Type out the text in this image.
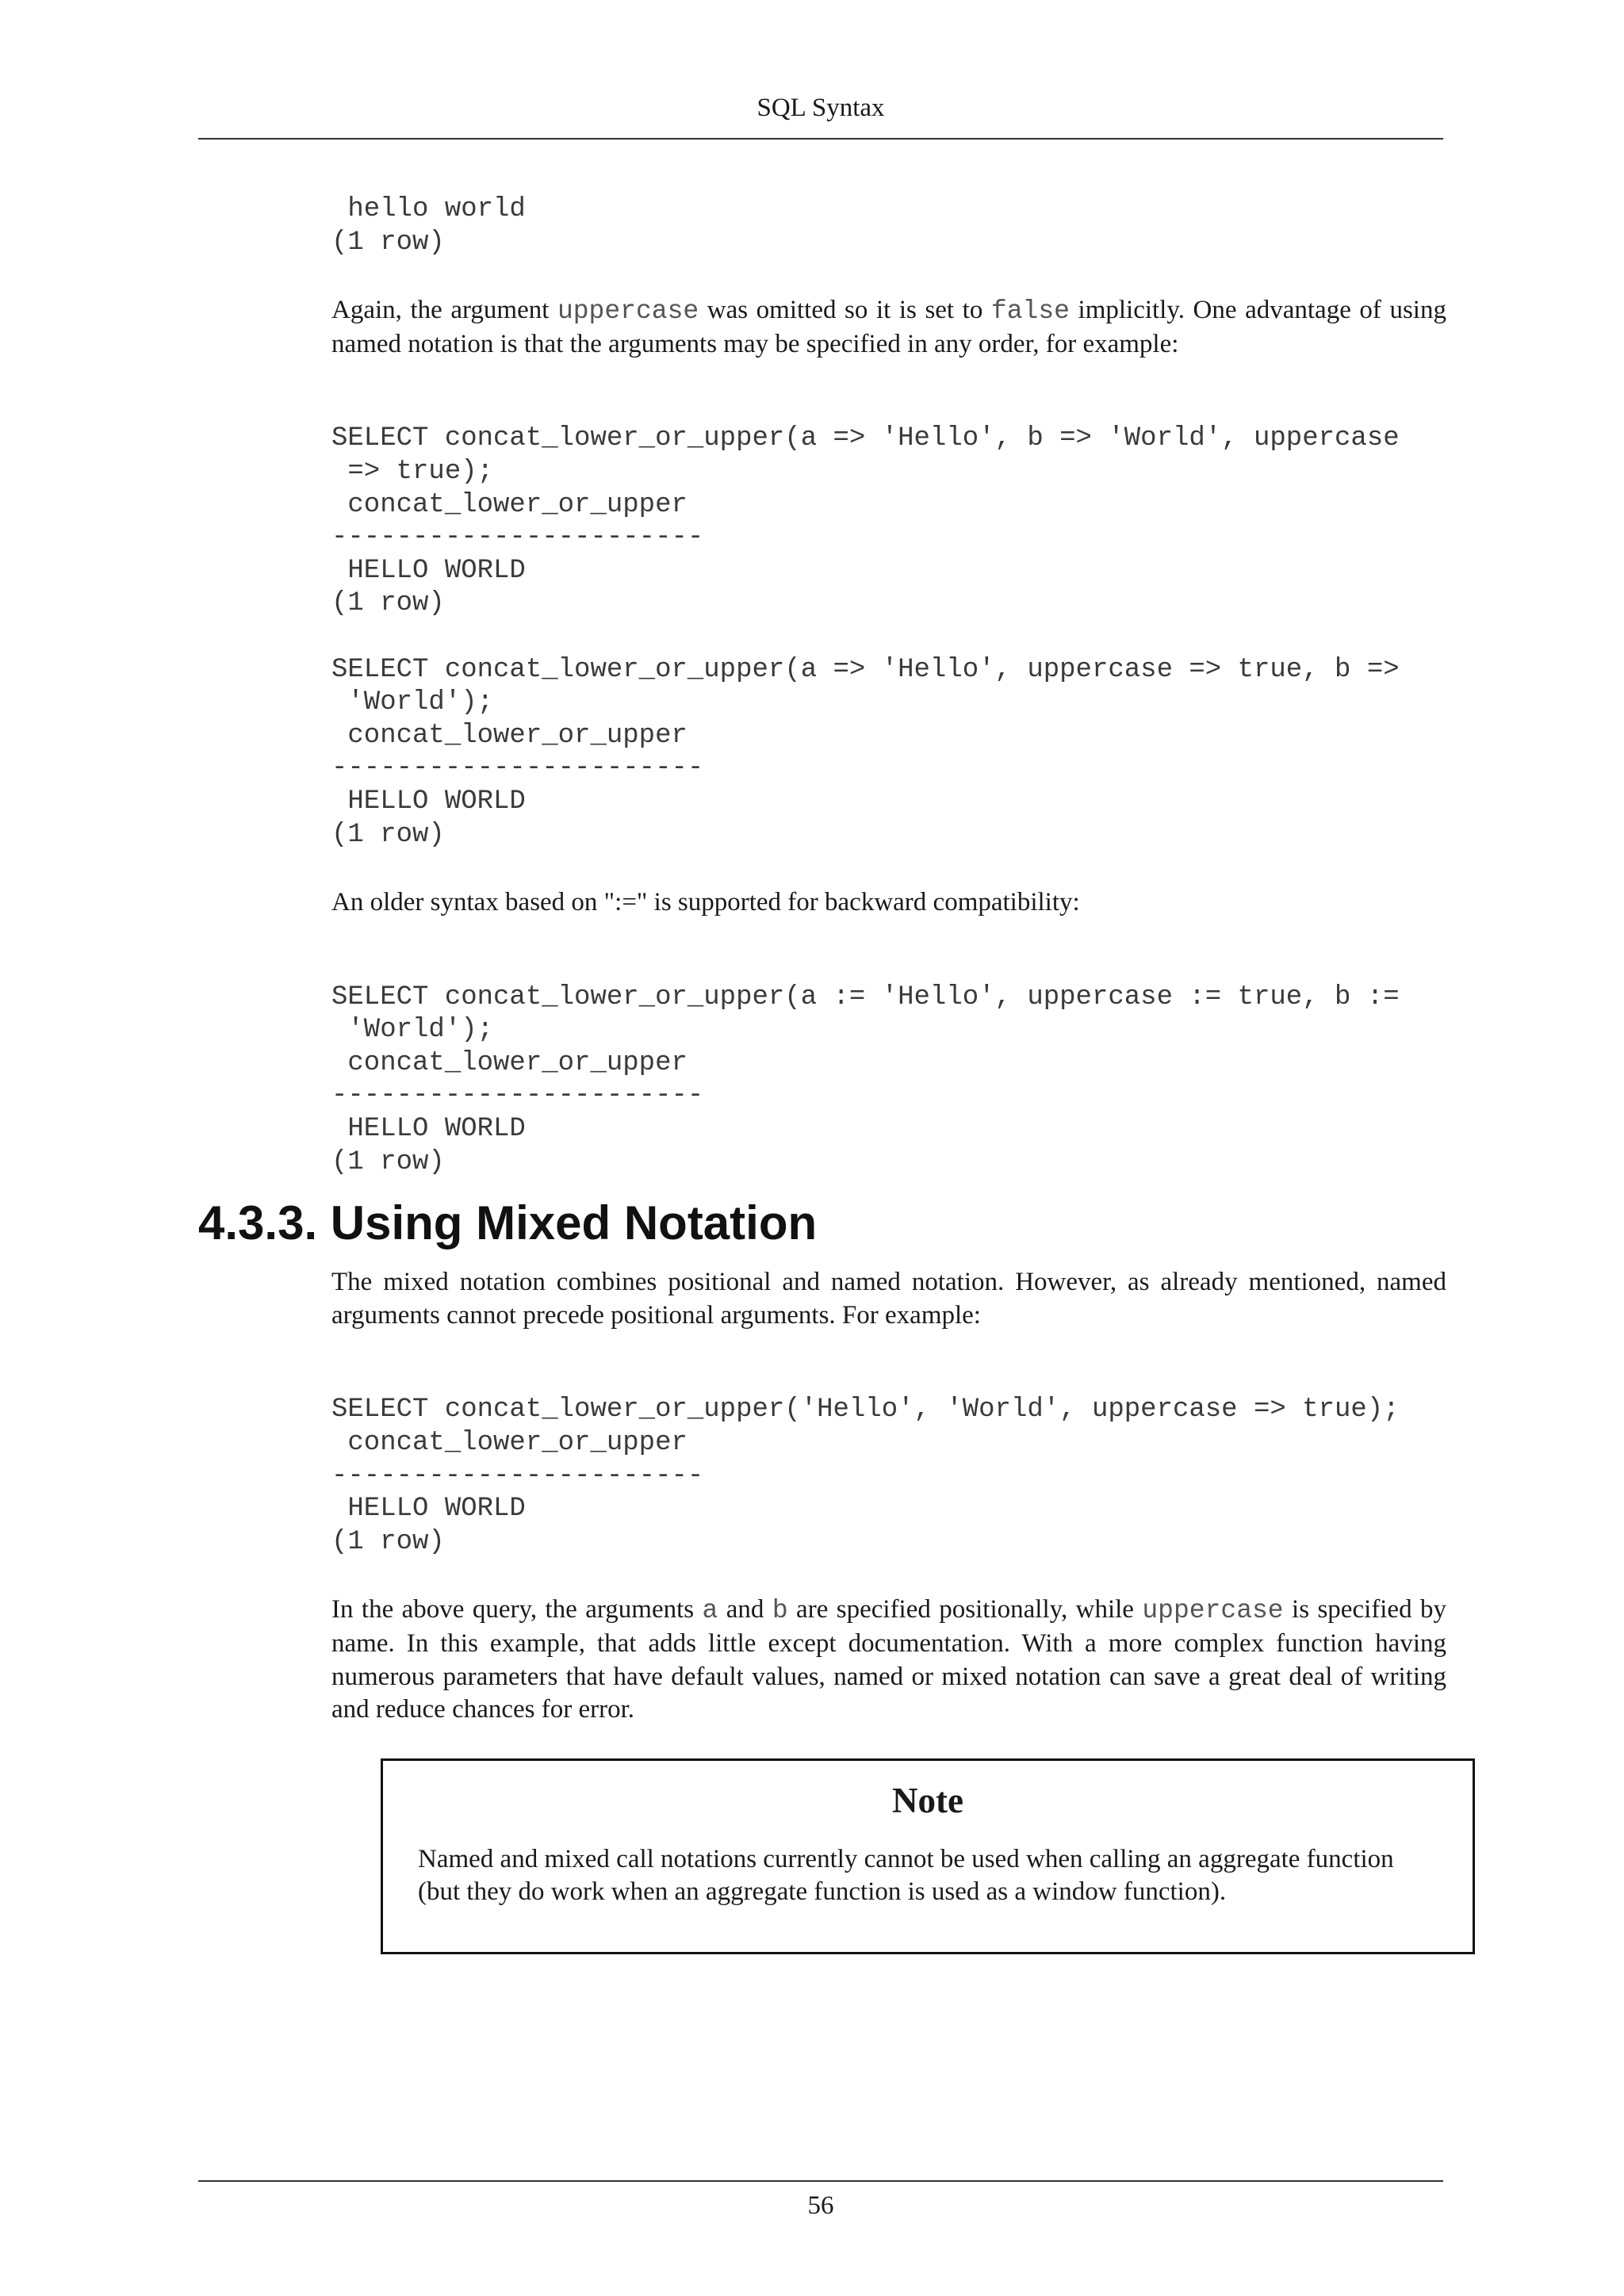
SQL Syntax
hello world
(1 row)

Again, the argument uppercase was omitted so it is set to false implicitly. One advantage of using named notation is that the arguments may be specified in any order, for example:

SELECT concat_lower_or_upper(a => 'Hello', b => 'World', uppercase
=> true);
concat_lower_or_upper
-----------------------
HELLO WORLD
(1 row)

SELECT concat_lower_or_upper(a => 'Hello', uppercase => true, b =>
'World');
concat_lower_or_upper
-----------------------
HELLO WORLD
(1 row)

An older syntax based on ":=" is supported for backward compatibility:

SELECT concat_lower_or_upper(a := 'Hello', uppercase := true, b :=
'World');
concat_lower_or_upper
-----------------------
HELLO WORLD
(1 row)
4.3.3. Using Mixed Notation

The mixed notation combines positional and named notation. However, as already mentioned, named arguments cannot precede positional arguments. For example:

SELECT concat_lower_or_upper('Hello', 'World', uppercase => true);
concat_lower_or_upper
-----------------------
HELLO WORLD
(1 row)

In the above query, the arguments a and b are specified positionally, while uppercase is specified by name. In this example, that adds little except documentation. With a more complex function having numerous parameters that have default values, named or mixed notation can save a great deal of writing and reduce chances for error.

Note

Named and mixed call notations currently cannot be used when calling an aggregate function (but they do work when an aggregate function is used as a window function).

56
